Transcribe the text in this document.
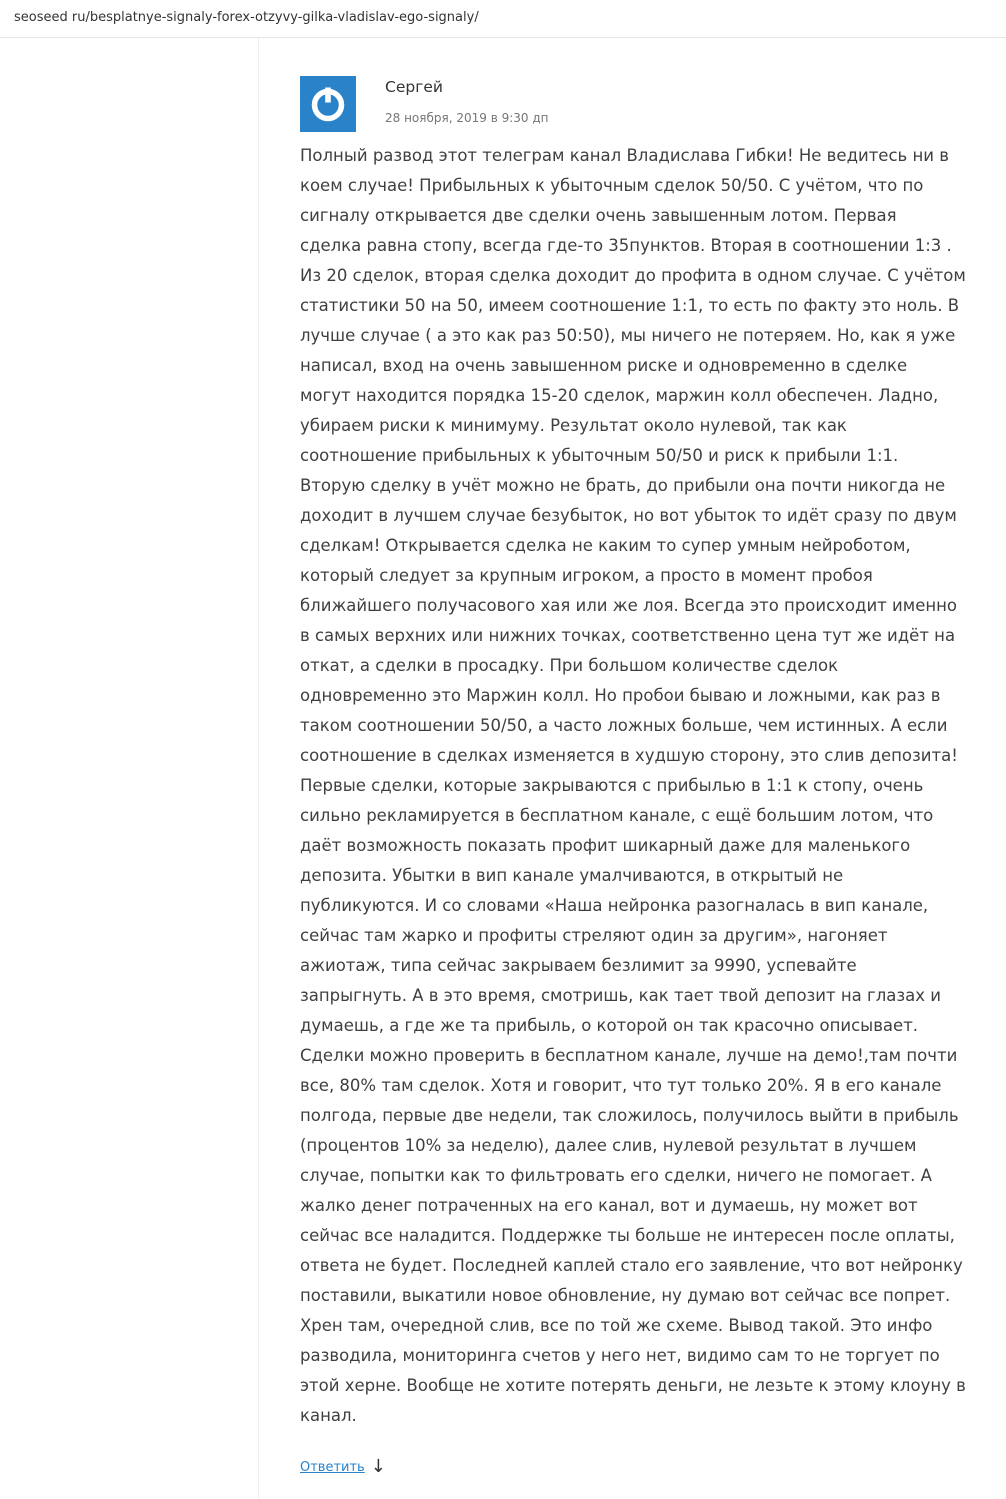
seoseed ru/besplatnye-signaly-forex-otzyvy-gilka-vladislav-ego-signaly/
Сергей
28 ноября, 2019 в 9:30 дп
Полный развод этот телеграм канал Владислава Гибки! Не ведитесь ни в
коем случае! Прибыльных к убыточным сделок 50/50. С учётом, что по
сигналу открывается две сделки очень завышенным лотом. Первая
сделка равна стопу, всегда где-то 35пунктов. Вторая в соотношении 1:3 .
Из 20 сделок, вторая сделка доходит до профита в одном случае. С учётом
статистики 50 на 50, имеем соотношение 1:1, то есть по факту это ноль. В
лучше случае ( а это как раз 50:50), мы ничего не потеряем. Но, как я уже
написал, вход на очень завышенном риске и одновременно в сделке
могут находится порядка 15-20 сделок, маржин колл обеспечен. Ладно,
убираем риски к минимуму. Результат около нулевой, так как
соотношение прибыльных к убыточным 50/50 и риск к прибыли 1:1.
Вторую сделку в учёт можно не брать, до прибыли она почти никогда не
доходит в лучшем случае безубыток, но вот убыток то идёт сразу по двум
сделкам! Открывается сделка не каким то супер умным нейроботом,
который следует за крупным игроком, а просто в момент пробоя
ближайшего получасового хая или же лоя. Всегда это происходит именно
в самых верхних или нижних точках, соответственно цена тут же идёт на
откат, а сделки в просадку. При большом количестве сделок
одновременно это Маржин колл. Но пробои бываю и ложными, как раз в
таком соотношении 50/50, а часто ложных больше, чем истинных. А если
соотношение в сделках изменяется в худшую сторону, это слив депозита!
Первые сделки, которые закрываются с прибылью в 1:1 к стопу, очень
сильно рекламируется в бесплатном канале, с ещё большим лотом, что
даёт возможность показать профит шикарный даже для маленького
депозита. Убытки в вип канале умалчиваются, в открытый не
публикуются. И со словами «Наша нейронка разогналась в вип канале,
сейчас там жарко и профиты стреляют один за другим», нагоняет
ажиотаж, типа сейчас закрываем безлимит за 9990, успевайте
запрыгнуть. А в это время, смотришь, как тает твой депозит на глазах и
думаешь, а где же та прибыль, о которой он так красочно описывает.
Сделки можно проверить в бесплатном канале, лучше на демо!,там почти
все, 80% там сделок. Хотя и говорит, что тут только 20%. Я в его канале
полгода, первые две недели, так сложилось, получилось выйти в прибыль
(процентов 10% за неделю), далее слив, нулевой результат в лучшем
случае, попытки как то фильтровать его сделки, ничего не помогает. А
жалко денег потраченных на его канал, вот и думаешь, ну может вот
сейчас все наладится. Поддержке ты больше не интересен после оплаты,
ответа не будет. Последней каплей стало его заявление, что вот нейронку
поставили, выкатили новое обновление, ну думаю вот сейчас все попрет.
Хрен там, очередной слив, все по той же схеме. Вывод такой. Это инфо
разводила, мониторинга счетов у него нет, видимо сам то не торгует по
этой херне. Вообще не хотите потерять деньги, не лезьте к этому клоуну в
канал.
Ответить ↓
